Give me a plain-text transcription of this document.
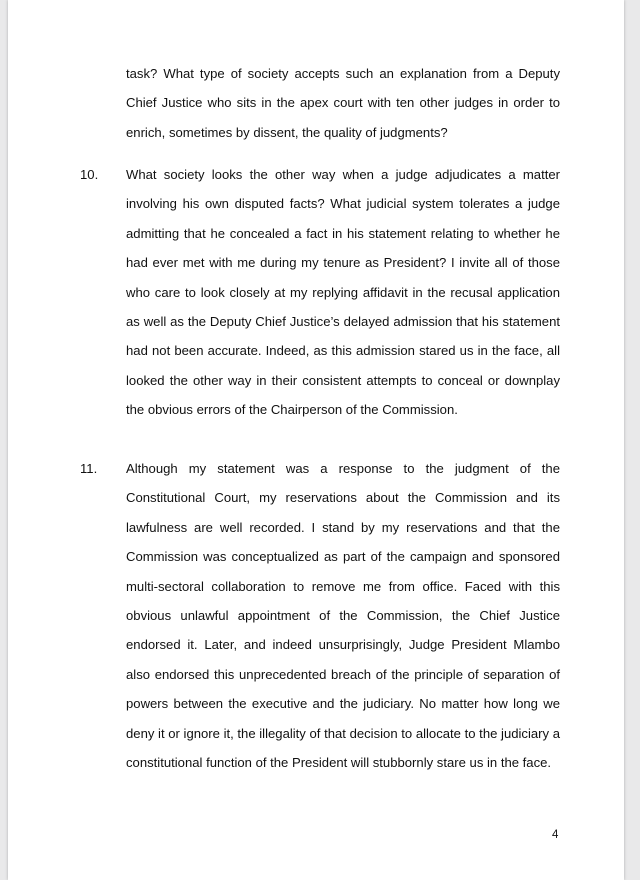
task? What type of society accepts such an explanation from a Deputy Chief Justice who sits in the apex court with ten other judges in order to enrich, sometimes by dissent, the quality of judgments?

10. What society looks the other way when a judge adjudicates a matter involving his own disputed facts? What judicial system tolerates a judge admitting that he concealed a fact in his statement relating to whether he had ever met with me during my tenure as President? I invite all of those who care to look closely at my replying affidavit in the recusal application as well as the Deputy Chief Justice’s delayed admission that his statement had not been accurate. Indeed, as this admission stared us in the face, all looked the other way in their consistent attempts to conceal or downplay the obvious errors of the Chairperson of the Commission.

11. Although my statement was a response to the judgment of the Constitutional Court, my reservations about the Commission and its lawfulness are well recorded. I stand by my reservations and that the Commission was conceptualized as part of the campaign and sponsored multi-sectoral collaboration to remove me from office. Faced with this obvious unlawful appointment of the Commission, the Chief Justice endorsed it. Later, and indeed unsurprisingly, Judge President Mlambo also endorsed this unprecedented breach of the principle of separation of powers between the executive and the judiciary. No matter how long we deny it or ignore it, the illegality of that decision to allocate to the judiciary a constitutional function of the President will stubbornly stare us in the face.

4
